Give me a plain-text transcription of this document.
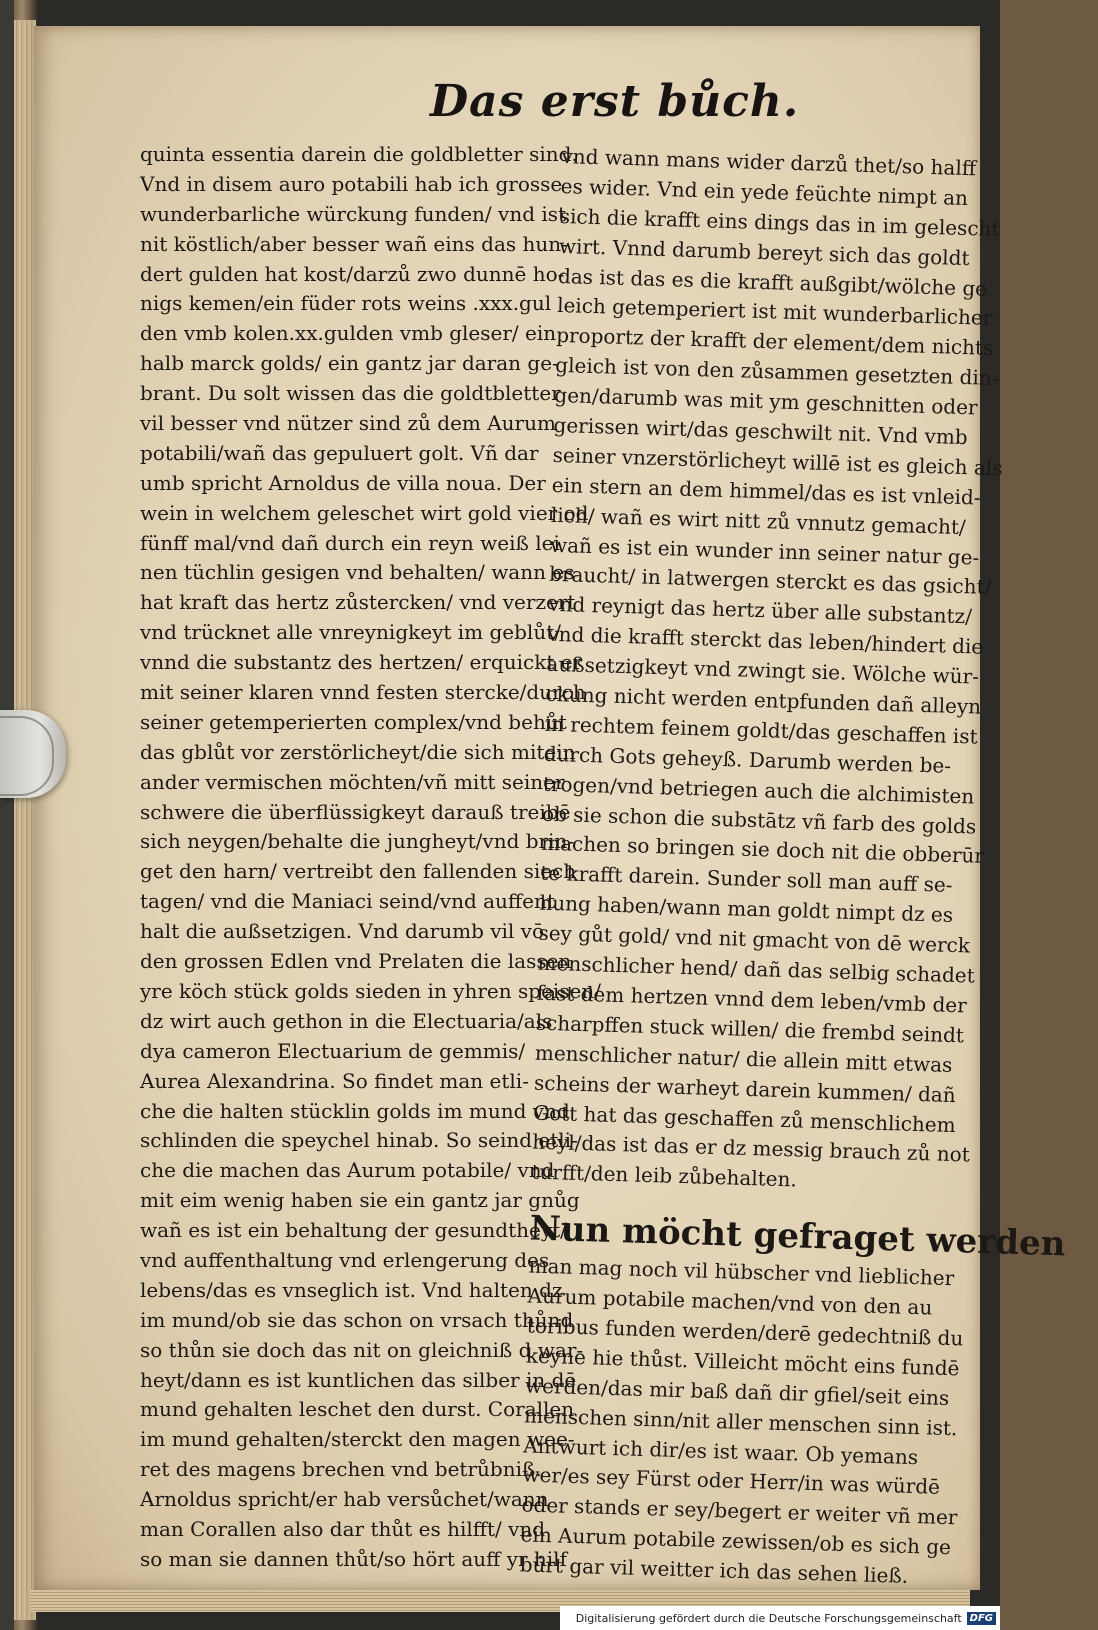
Das erst bůch.
quinta essentia darein die goldbletter sind.
Vnd in disem auro potabili hab ich grosse
wunderbarliche würckung funden/ vnd ist
nit köstlich/aber besser wañ eins das hun-
dert gulden hat kost/darzů zwo dunnē ho-
nigs kemen/ein füder rots weins .xxx.gul
den vmb kolen.xx.gulden vmb gleser/ ein
halb marck golds/ ein gantz jar daran ge-
brant. Du solt wissen das die goldtbletter
vil besser vnd nützer sind zů dem Aurum
potabili/wañ das gepuluert golt. Vñ dar
umb spricht Arnoldus de villa noua. Der
wein in welchem geleschet wirt gold vier od
fünff mal/vnd dañ durch ein reyn weiß lei
nen tüchlin gesigen vnd behalten/ wann es
hat kraft das hertz zůstercken/ vnd verzert
vnd trücknet alle vnreynigkeyt im geblůt/
vnnd die substantz des hertzen/ erquickt er
mit seiner klaren vnnd festen stercke/durch
seiner getemperierten complex/vnd behůt
das gblůt vor zerstörlicheyt/die sich mitein
ander vermischen möchten/vñ mitt seiner
schwere die überflüssigkeyt darauß treibē
sich neygen/behalte die jungheyt/vnd brin-
get den harn/ vertreibt den fallenden siech
tagen/ vnd die Maniaci seind/vnd auffent
halt die außsetzigen. Vnd darumb vil vō
den grossen Edlen vnd Prelaten die lassen
yre köch stück golds sieden in yhren speisen/
dz wirt auch gethon in die Electuaria/als
dya cameron Electuarium de gemmis/
Aurea Alexandrina. So findet man etli-
che die halten stücklin golds im mund vnd
schlinden die speychel hinab. So seind etli-
che die machen das Aurum potabile/ vnd
mit eim wenig haben sie ein gantz jar gnůg
wañ es ist ein behaltung der gesundtheyt/
vnd auffenthaltung vnd erlengerung des
lebens/das es vnseglich ist. Vnd halten dz
im mund/ob sie das schon on vrsach thůnd
so thůn sie doch das nit on gleichniß d war-
heyt/dann es ist kuntlichen das silber in dē
mund gehalten leschet den durst. Corallen
im mund gehalten/sterckt den magen wee-
ret des magens brechen vnd betrůbniß.
Arnoldus spricht/er hab versůchet/wann
man Corallen also dar thůt es hilfft/ vnd
so man sie dannen thůt/so hört auff yr hilf
vnd wann mans wider darzů thet/so halff
es wider. Vnd ein yede feüchte nimpt an
sich die krafft eins dings das in im gelescht
wirt. Vnnd darumb bereyt sich das goldt
das ist das es die krafft außgibt/wölche ge
leich getemperiert ist mit wunderbarlicher
proportz der krafft der element/dem nichts
gleich ist von den zůsammen gesetzten din-
gen/darumb was mit ym geschnitten oder
gerissen wirt/das geschwilt nit. Vnd vmb
seiner vnzerstörlicheyt willē ist es gleich als
ein stern an dem himmel/das es ist vnleid-
lich/ wañ es wirt nitt zů vnnutz gemacht/
wañ es ist ein wunder inn seiner natur ge-
braucht/ in latwergen sterckt es das gsicht/
vnd reynigt das hertz über alle substantz/
vnd die krafft sterckt das leben/hindert die
außsetzigkeyt vnd zwingt sie. Wölche wür-
ckung nicht werden entpfunden dañ alleyn
in rechtem feinem goldt/das geschaffen ist
durch Gots geheyß. Darumb werden be-
trogen/vnd betriegen auch die alchimisten
ob sie schon die substātz vñ farb des golds
machen so bringen sie doch nit die obberūr
te krafft darein. Sunder soll man auff se-
hung haben/wann man goldt nimpt dz es
sey gůt gold/ vnd nit gmacht von dē werck
menschlicher hend/ dañ das selbig schadet
fast dem hertzen vnnd dem leben/vmb der
scharpffen stuck willen/ die frembd seindt
menschlicher natur/ die allein mitt etwas
scheins der warheyt darein kummen/ dañ
Gott hat das geschaffen zů menschlichem
heyl/das ist das er dz messig brauch zů not
turfft/den leib zůbehalten.
Nun möcht gefraget werden
man mag noch vil hübscher vnd lieblicher
Aurum potabile machen/vnd von den au
toribus funden werden/derē gedechtniß du
keyne hie thůst. Villeicht möcht eins fundē
werden/das mir baß dañ dir gfiel/seit eins
menschen sinn/nit aller menschen sinn ist.
Antwurt ich dir/es ist waar. Ob yemans
wer/es sey Fürst oder Herr/in was würdē
oder stands er sey/begert er weiter vñ mer
ein Aurum potabile zewissen/ob es sich ge
bürt gar vil weitter ich das sehen ließ.
Digitalisierung gefördert durch die Deutsche Forschungsgemeinschaft DFG
